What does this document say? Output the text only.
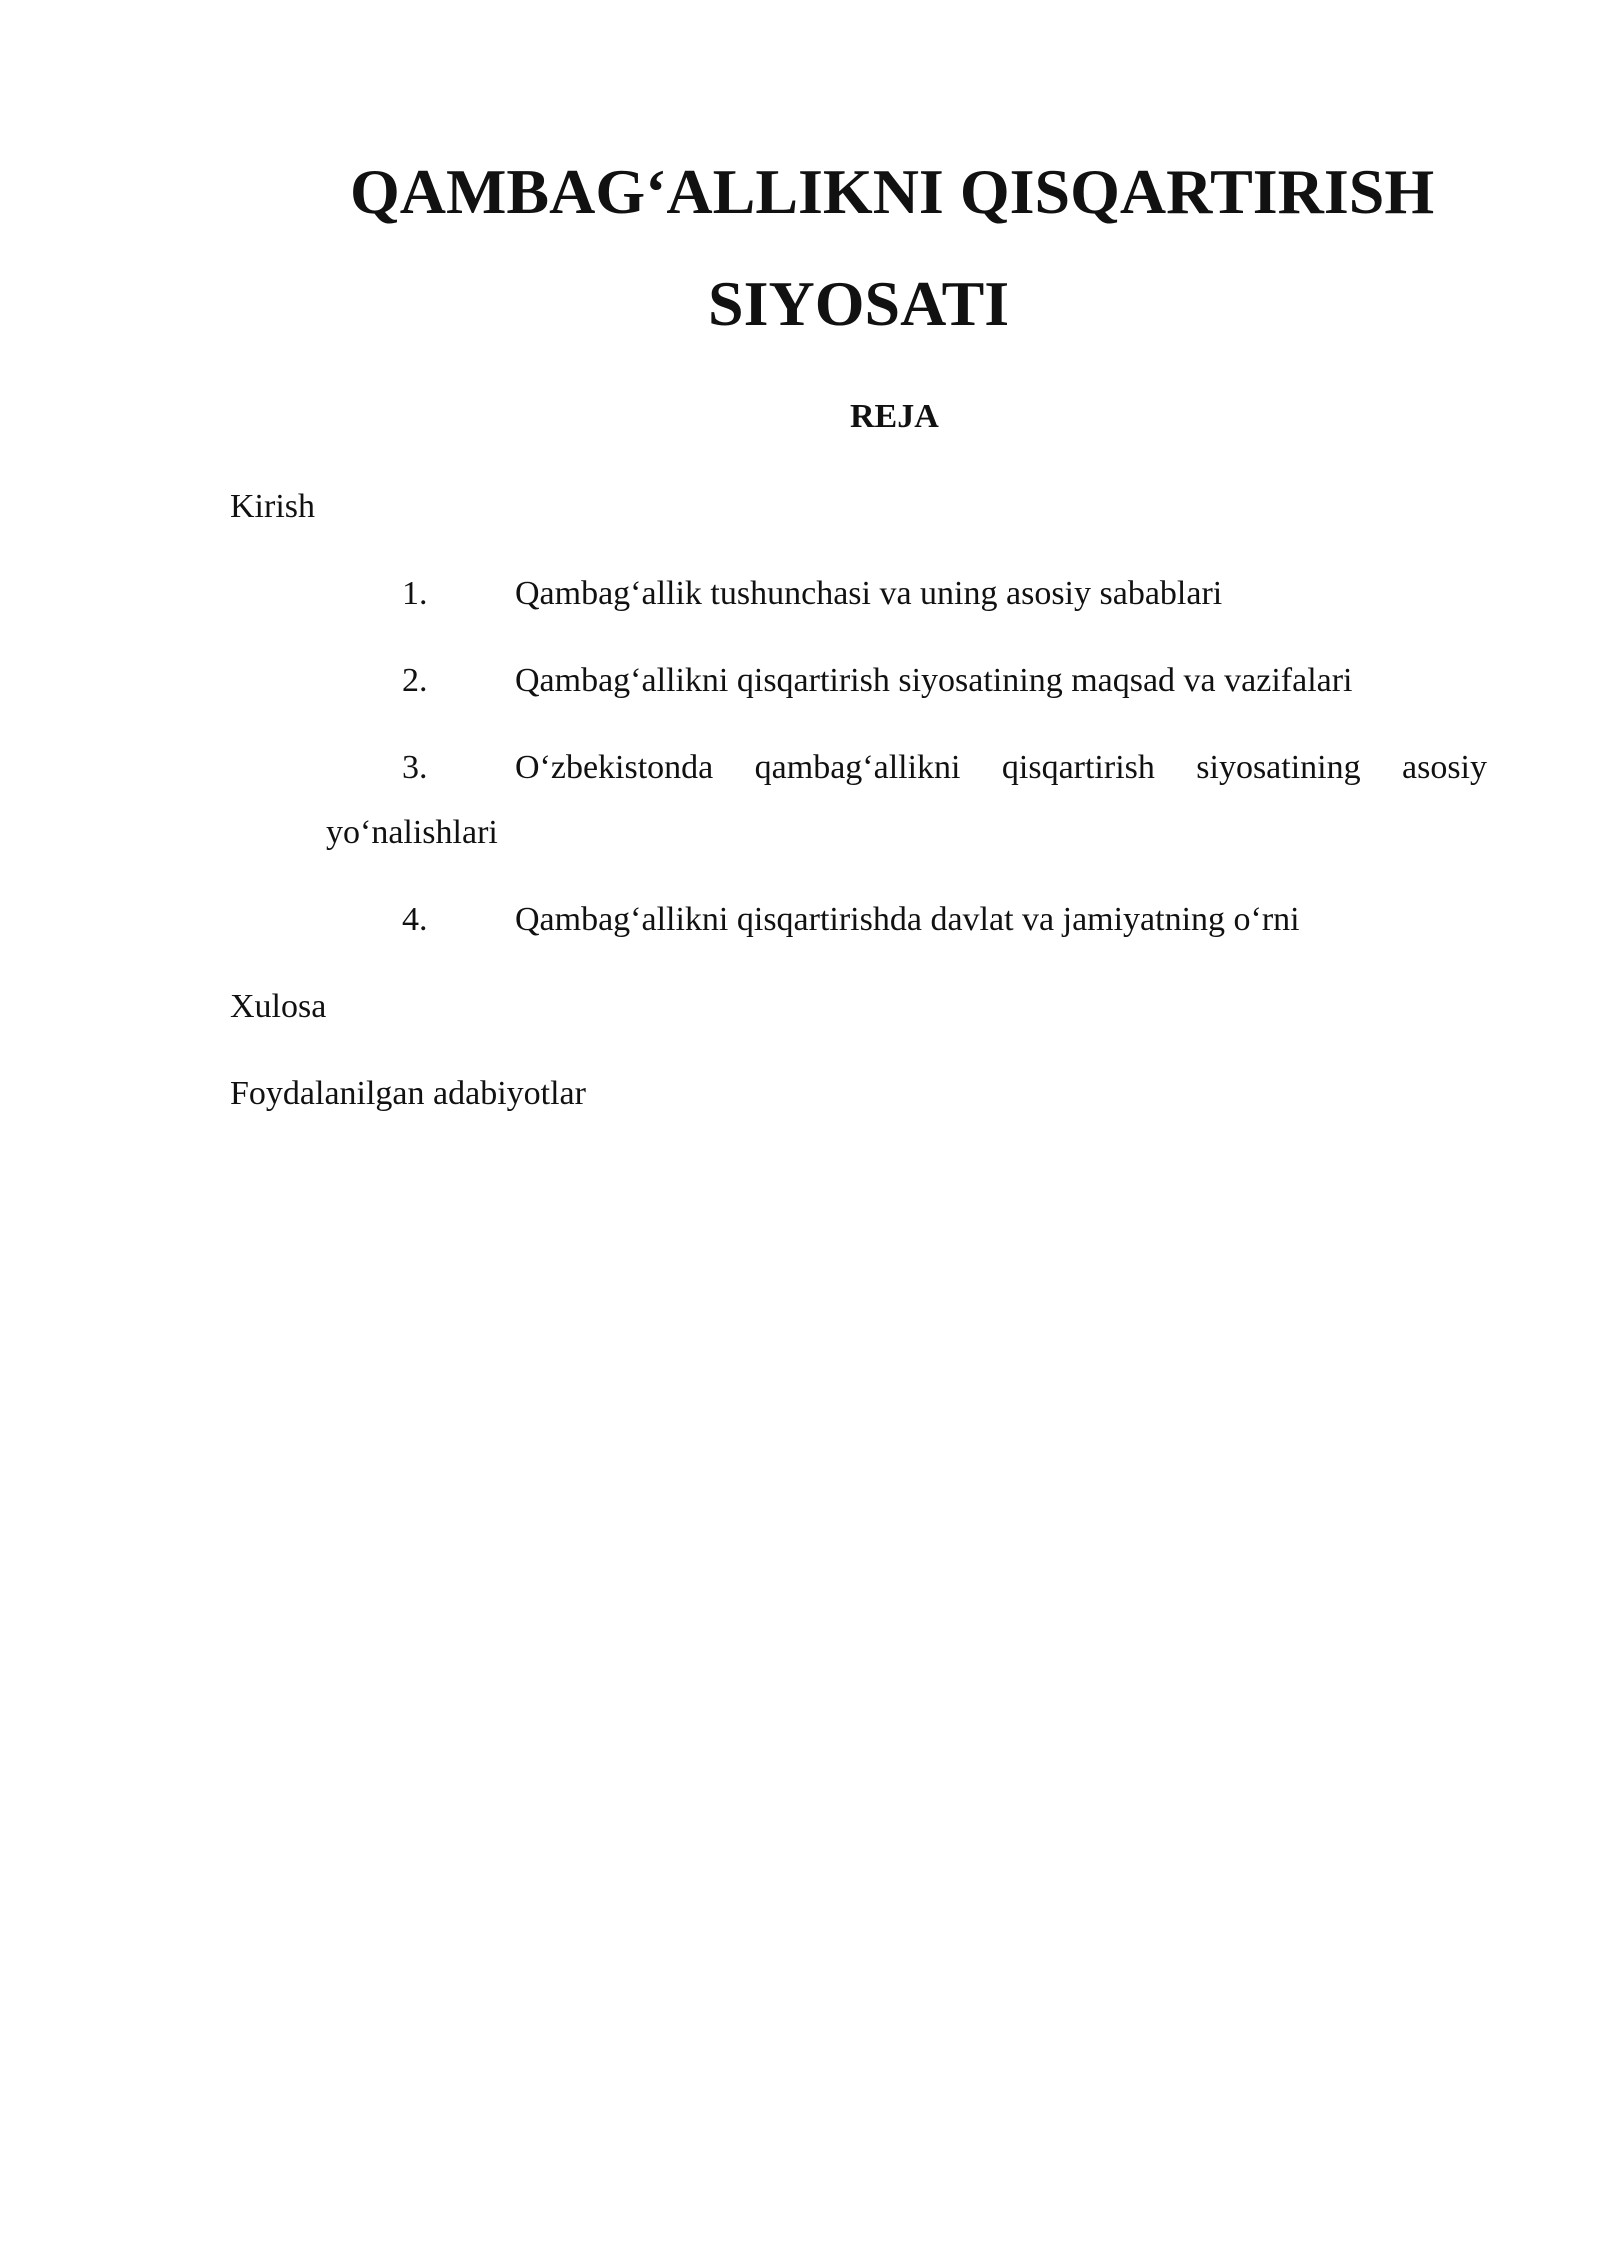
QAMBAG‘ALLIKNI QISQARTIRISH
SIYOSATI
REJA
Kirish
1.	Qambag‘allik tushunchasi va uning asosiy sabablari
2.	Qambag‘allikni qisqartirish siyosatining maqsad va vazifalari
3.	O‘zbekistonda qambag‘allikni qisqartirish siyosatining asosiy
yo‘nalishlari
4.	Qambag‘allikni qisqartirishda davlat va jamiyatning o‘rni
Xulosa
Foydalanilgan adabiyotlar
